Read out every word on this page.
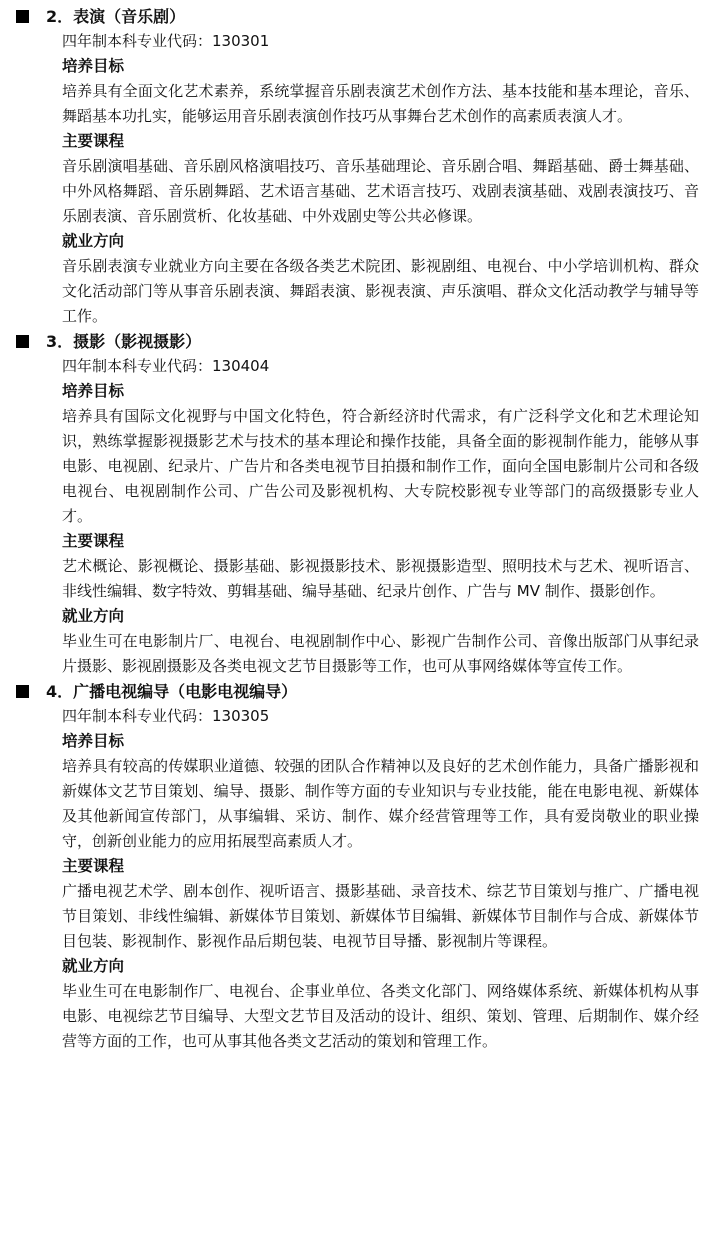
2．表演（音乐剧）
四年制本科专业代码：130301
培养目标
培养具有全面文化艺术素养，系统掌握音乐剧表演艺术创作方法、基本技能和基本理论，音乐、舞蹈基本功扎实，能够运用音乐剧表演创作技巧从事舞台艺术创作的高素质表演人才。
主要课程
音乐剧演唱基础、音乐剧风格演唱技巧、音乐基础理论、音乐剧合唱、舞蹈基础、爵士舞基础、中外风格舞蹈、音乐剧舞蹈、艺术语言基础、艺术语言技巧、戏剧表演基础、戏剧表演技巧、音乐剧表演、音乐剧赏析、化妆基础、中外戏剧史等公共必修课。
就业方向
音乐剧表演专业就业方向主要在各级各类艺术院团、影视剧组、电视台、中小学培训机构、群众文化活动部门等从事音乐剧表演、舞蹈表演、影视表演、声乐演唱、群众文化活动教学与辅导等工作。
3．摄影（影视摄影）
四年制本科专业代码：130404
培养目标
培养具有国际文化视野与中国文化特色，符合新经济时代需求，有广泛科学文化和艺术理论知识，熟练掌握影视摄影艺术与技术的基本理论和操作技能，具备全面的影视制作能力，能够从事电影、电视剧、纪录片、广告片和各类电视节目拍摄和制作工作，面向全国电影制片公司和各级电视台、电视剧制作公司、广告公司及影视机构、大专院校影视专业等部门的高级摄影专业人才。
主要课程
艺术概论、影视概论、摄影基础、影视摄影技术、影视摄影造型、照明技术与艺术、视听语言、非线性编辑、数字特效、剪辑基础、编导基础、纪录片创作、广告与 MV 制作、摄影创作。
就业方向
毕业生可在电影制片厂、电视台、电视剧制作中心、影视广告制作公司、音像出版部门从事纪录片摄影、影视剧摄影及各类电视文艺节目摄影等工作，也可从事网络媒体等宣传工作。
4．广播电视编导（电影电视编导）
四年制本科专业代码：130305
培养目标
培养具有较高的传媒职业道德、较强的团队合作精神以及良好的艺术创作能力，具备广播影视和新媒体文艺节目策划、编导、摄影、制作等方面的专业知识与专业技能，能在电影电视、新媒体及其他新闻宣传部门，从事编辑、采访、制作、媒介经营管理等工作，具有爱岗敬业的职业操守，创新创业能力的应用拓展型高素质人才。
主要课程
广播电视艺术学、剧本创作、视听语言、摄影基础、录音技术、综艺节目策划与推广、广播电视节目策划、非线性编辑、新媒体节目策划、新媒体节目编辑、新媒体节目制作与合成、新媒体节目包装、影视制作、影视作品后期包装、电视节目导播、影视制片等课程。
就业方向
毕业生可在电影制作厂、电视台、企事业单位、各类文化部门、网络媒体系统、新媒体机构从事电影、电视综艺节目编导、大型文艺节目及活动的设计、组织、策划、管理、后期制作、媒介经营等方面的工作，也可从事其他各类文艺活动的策划和管理工作。
